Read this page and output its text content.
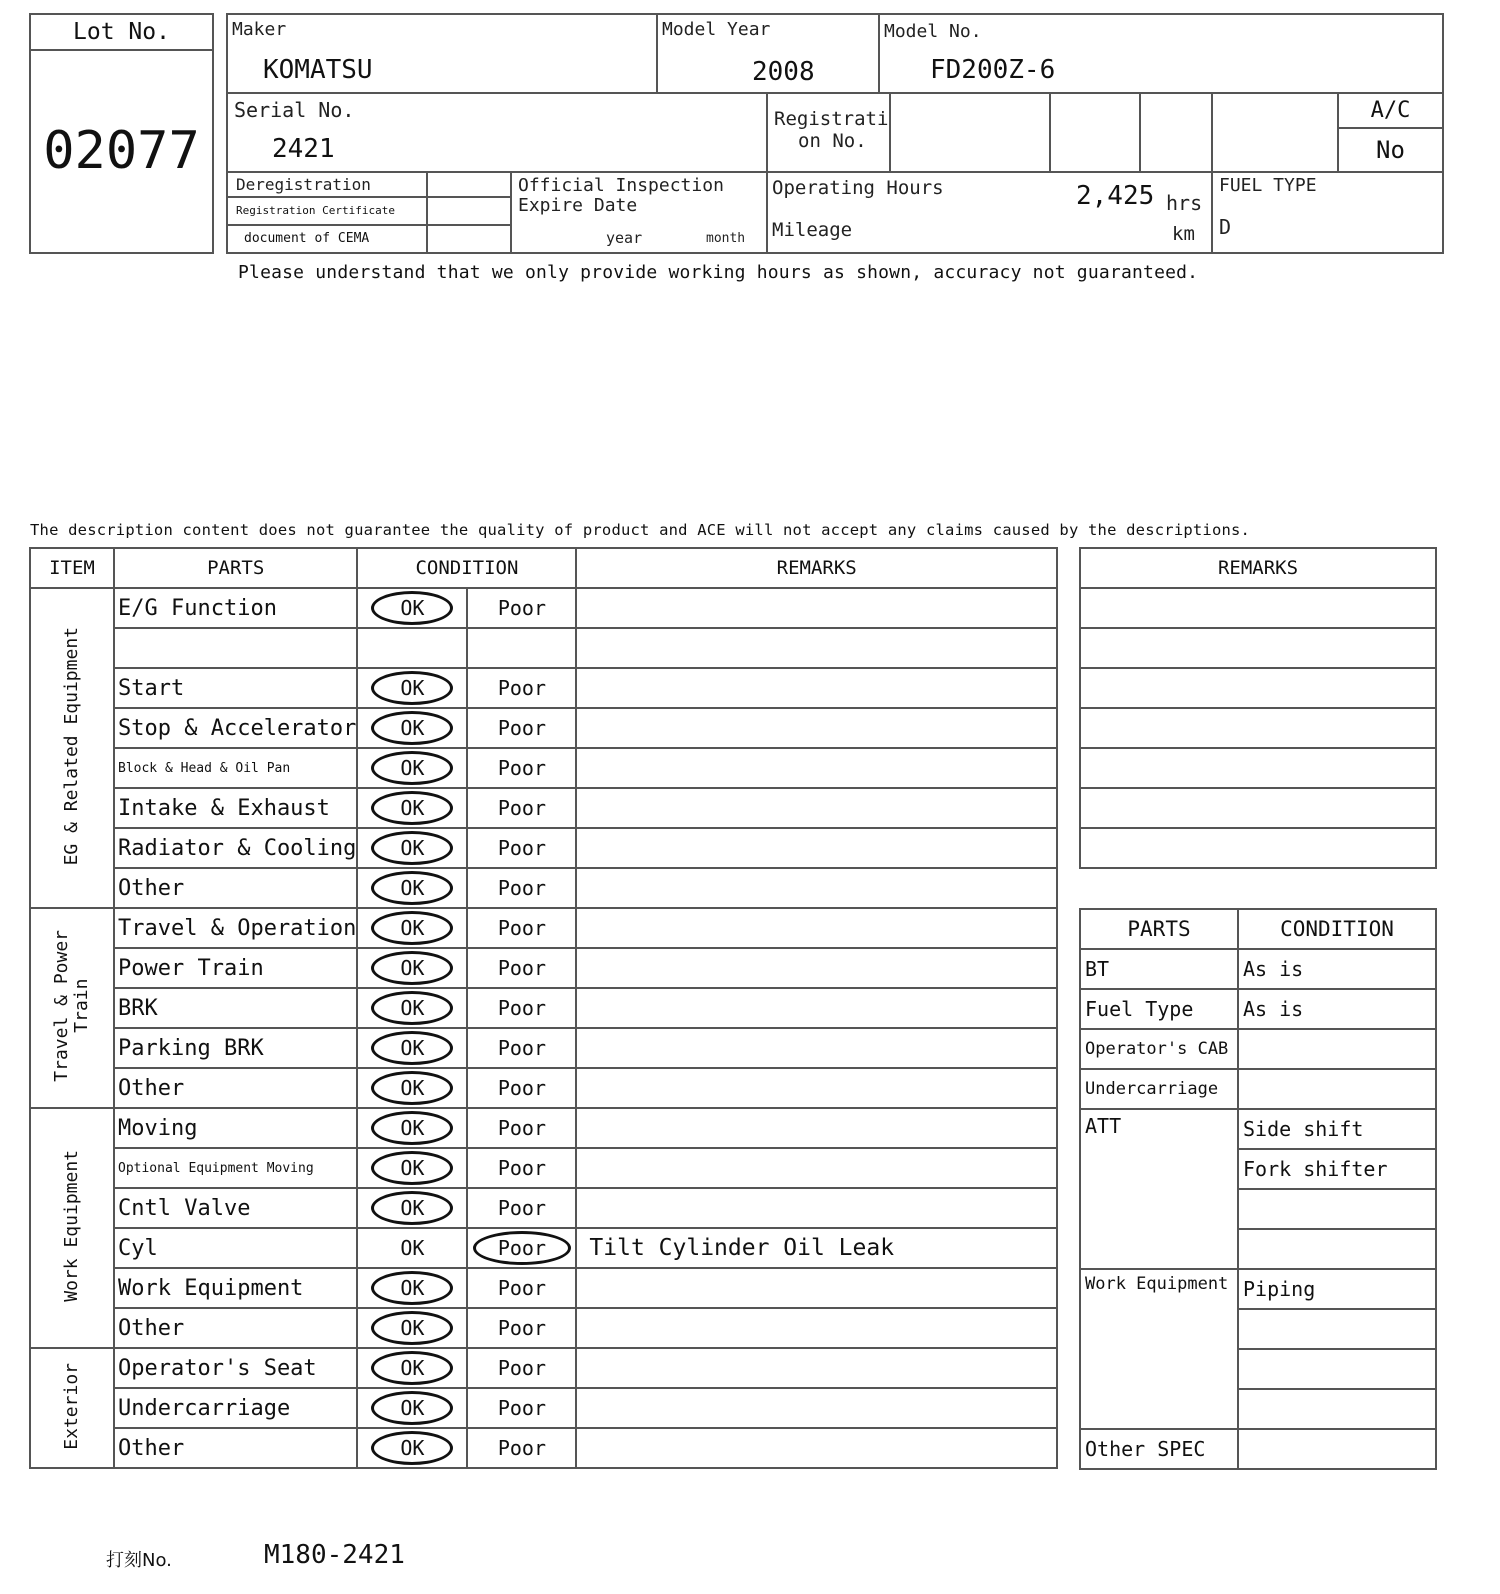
Lot No.
02077
Maker
KOMATSU
Model Year
2008
Model No.
FD200Z-6
Serial No.
2421
Registrati
on No.
A/C
No
Deregistration
Registration Certificate
document of CEMA
Official Inspection
Expire Date
year	month
Operating Hours	2,425 hrs
Mileage	km
FUEL TYPE
D
Please understand that we only provide working hours as shown, accuracy not guaranteed.
The description content does not guarantee the quality of product and ACE will not accept any claims caused by the descriptions.
ITEM	PARTS	CONDITION		REMARKS
EG & Related Equipment	E/G Function	OK	Poor	

	Start	OK	Poor	
	Stop & Accelerator	OK	Poor	
	Block & Head & Oil Pan	OK	Poor	
	Intake & Exhaust	OK	Poor	
	Radiator & Cooling	OK	Poor	
	Other	OK	Poor	
Travel & Power
Train	Travel & Operation	OK	Poor	
	Power Train	OK	Poor	
	BRK	OK	Poor	
	Parking BRK	OK	Poor	
	Other	OK	Poor	
Work Equipment	Moving	OK	Poor	
	Optional Equipment Moving	OK	Poor	
	Cntl Valve	OK	Poor	
	Cyl	OK	Poor	Tilt Cylinder Oil Leak
	Work Equipment	OK	Poor	
	Other	OK	Poor	
Exterior	Operator's Seat	OK	Poor	
	Undercarriage	OK	Poor	
	Other	OK	Poor	
REMARKS

PARTS	CONDITION
BT	As is
Fuel Type	As is
Operator's CAB	
Undercarriage	
ATT	Side shift
	Fork shifter

Work Equipment	Piping

Other SPEC	
打刻No.	M180-2421
